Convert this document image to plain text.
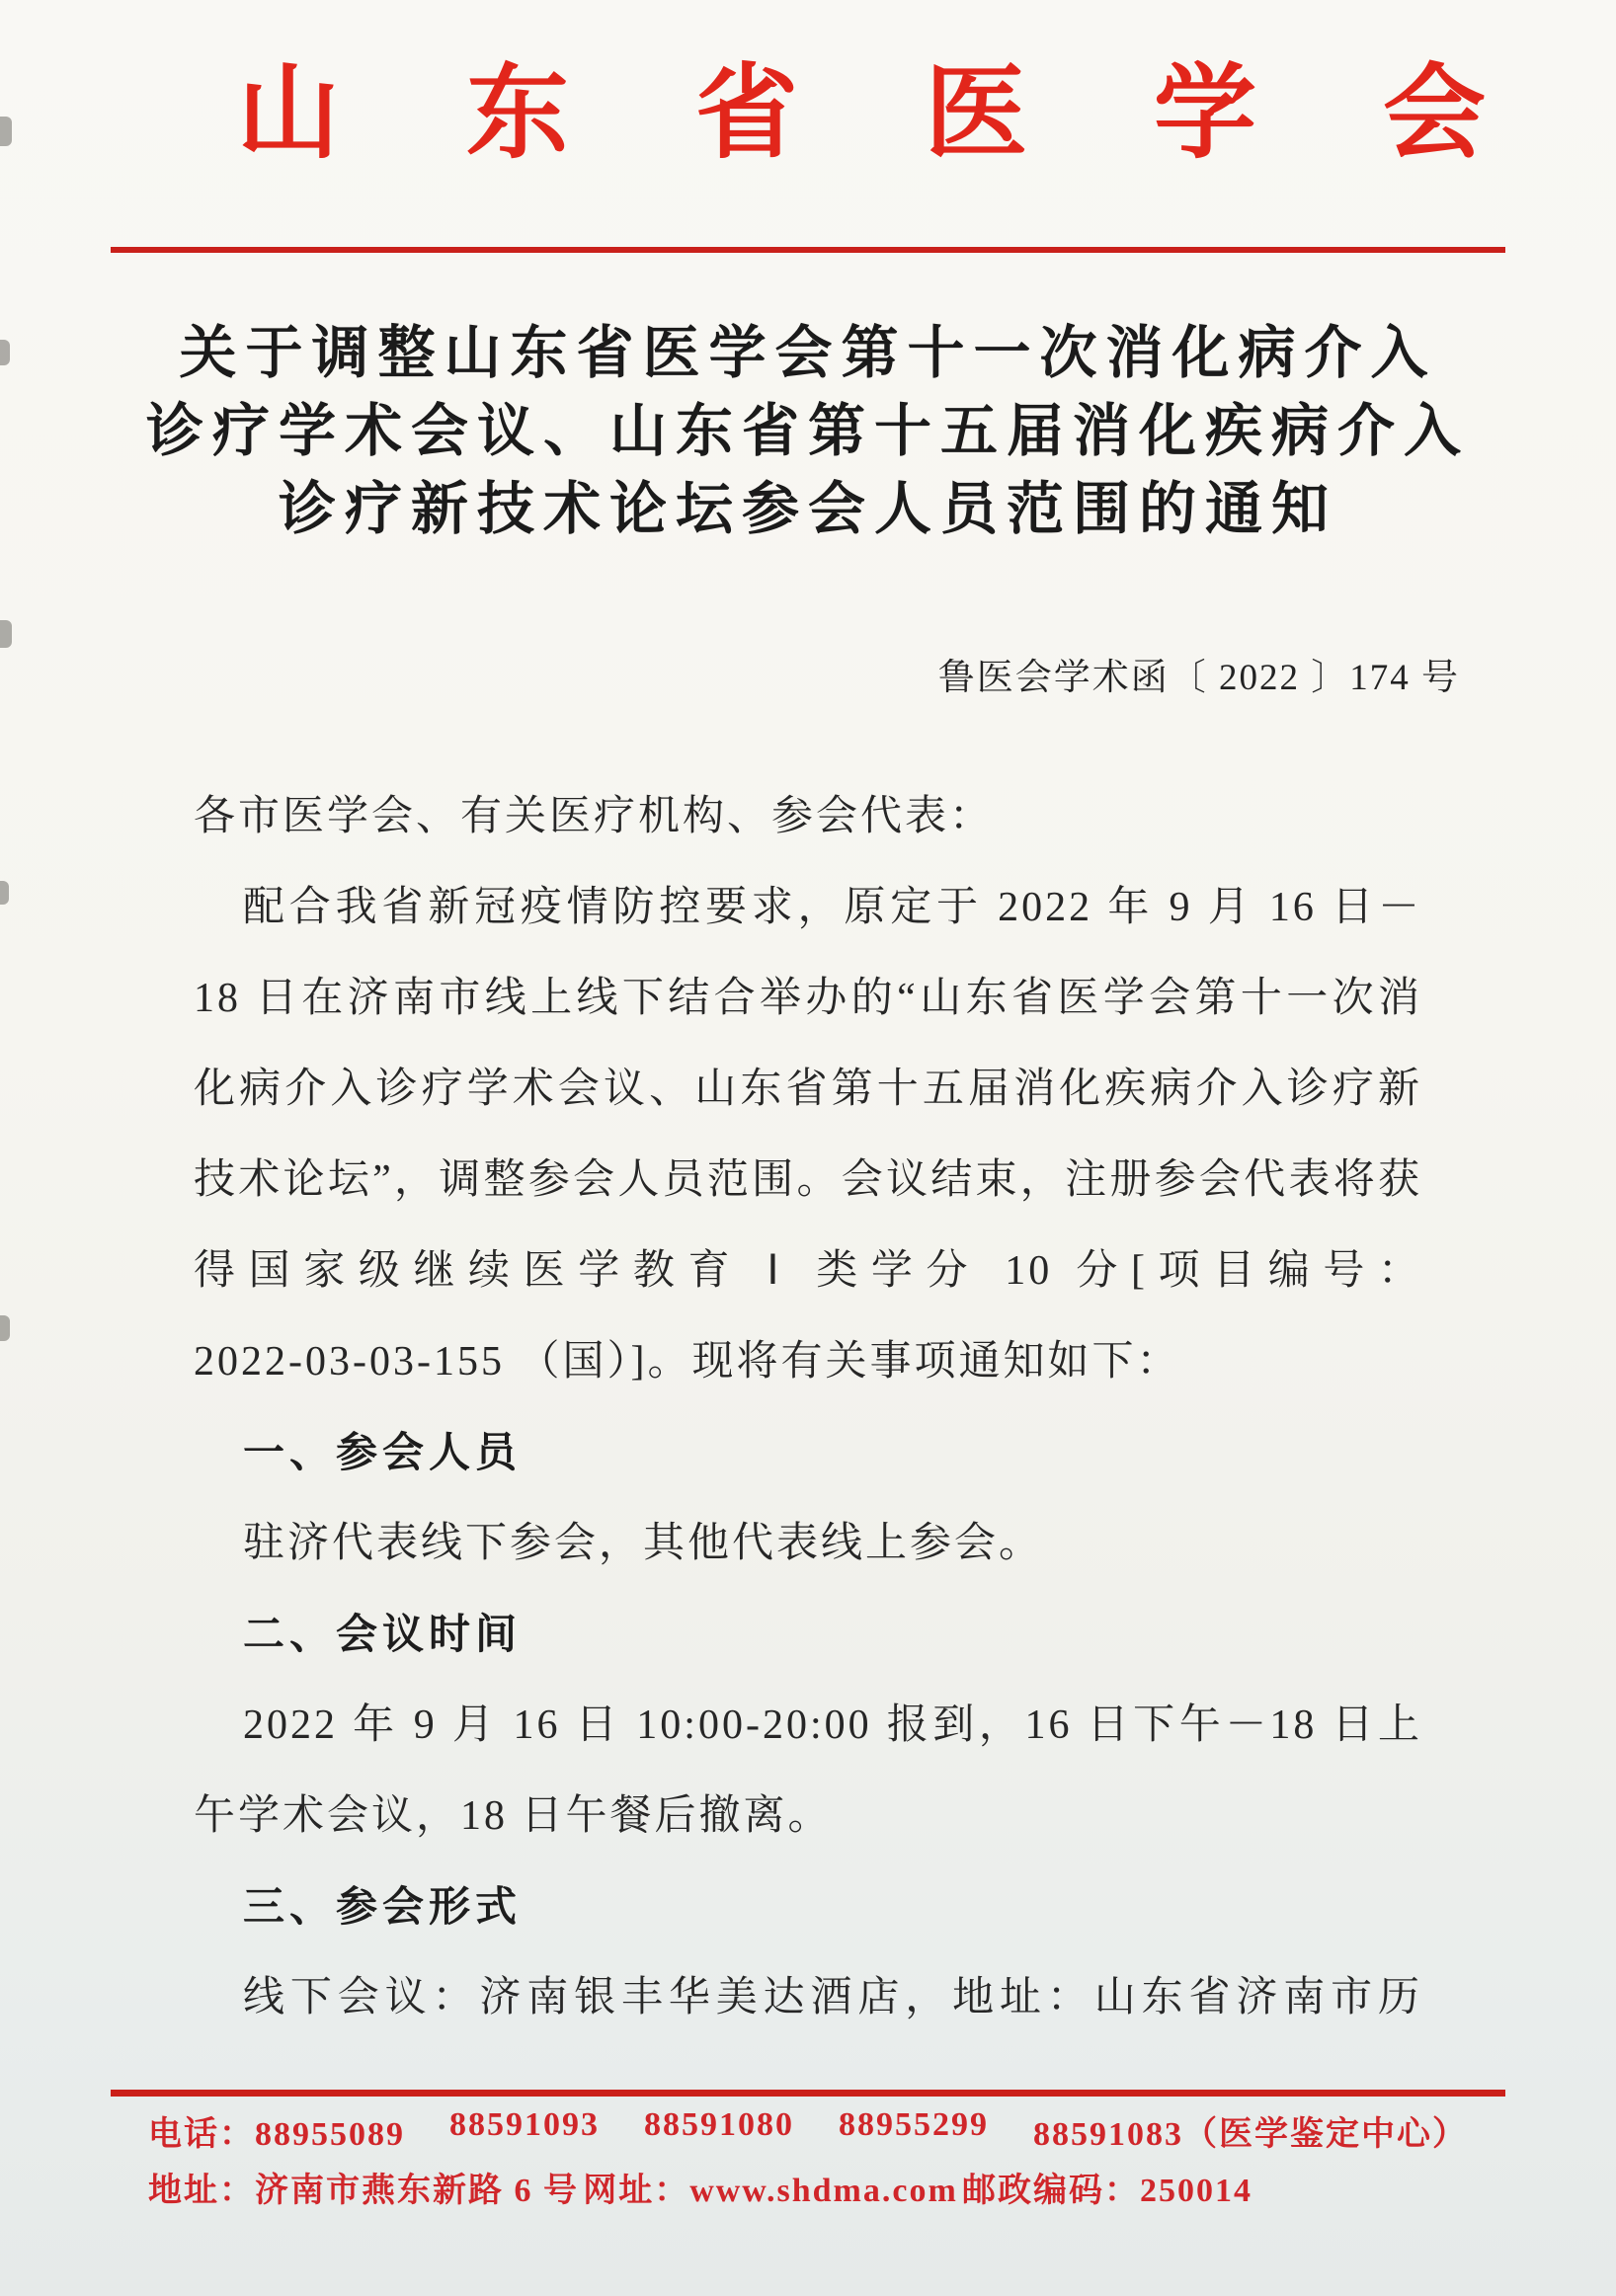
山东省医学会
关于调整山东省医学会第十一次消化病介入
诊疗学术会议、山东省第十五届消化疾病介入
诊疗新技术论坛参会人员范围的通知
鲁医会学术函〔 2022 〕174 号
各市医学会、有关医疗机构、参会代表：
配合我省新冠疫情防控要求，原定于 2022 年 9 月 16 日－
18 日在济南市线上线下结合举办的“山东省医学会第十一次消
化病介入诊疗学术会议、山东省第十五届消化疾病介入诊疗新
技术论坛”，调整参会人员范围。会议结束，注册参会代表将获
得国家级继续医学教育 Ⅰ 类学分 10 分[项目编号：
2022-03-03-155 （国）]。现将有关事项通知如下：
一、参会人员
驻济代表线下参会，其他代表线上参会。
二、会议时间
2022 年 9 月 16 日 10:00-20:00 报到，16 日下午－18 日上
午学术会议，18 日午餐后撤离。
三、参会形式
线下会议：济南银丰华美达酒店，地址：山东省济南市历
电话：88955089 88591093 88591080 88955299 88591083（医学鉴定中心）
地址：济南市燕东新路 6 号 网址：www.shdma.com 邮政编码：250014
